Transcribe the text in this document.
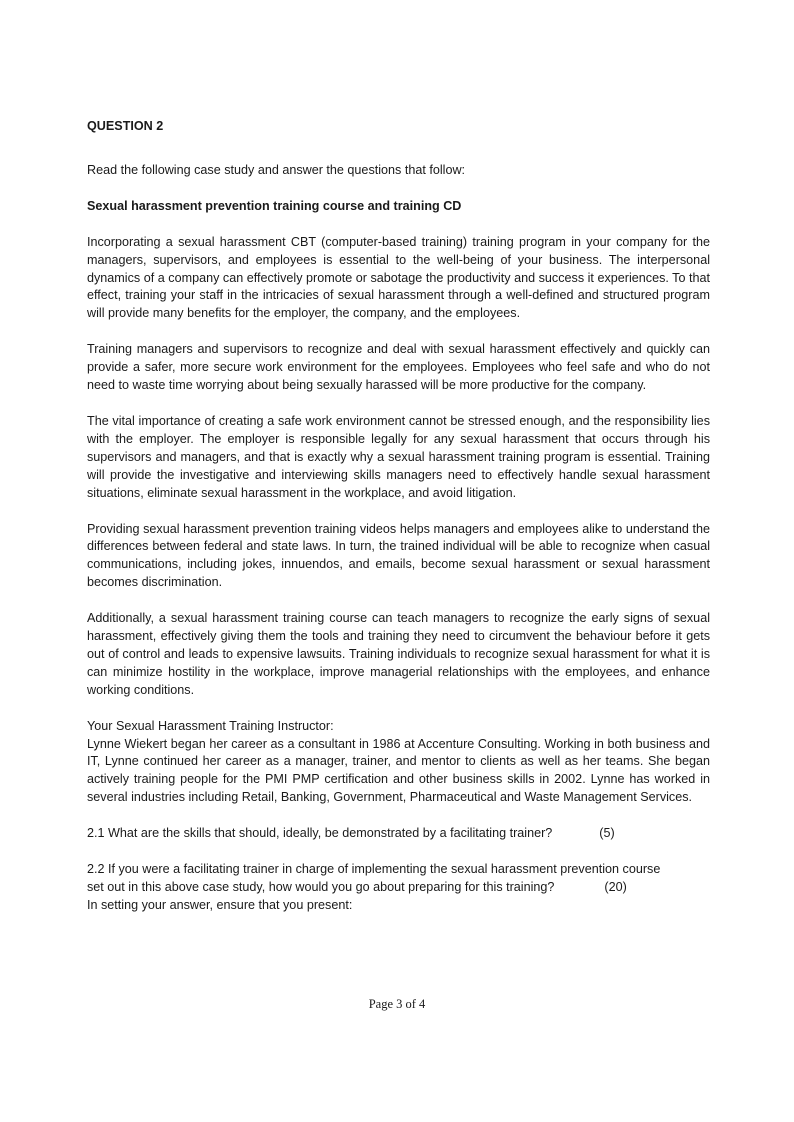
QUESTION 2

Read the following case study and answer the questions that follow:

Sexual harassment prevention training course and training CD

Incorporating a sexual harassment CBT (computer-based training) training program in your company for the managers, supervisors, and employees is essential to the well-being of your business. The interpersonal dynamics of a company can effectively promote or sabotage the productivity and success it experiences. To that effect, training your staff in the intricacies of sexual harassment through a well-defined and structured program will provide many benefits for the employer, the company, and the employees.

Training managers and supervisors to recognize and deal with sexual harassment effectively and quickly can provide a safer, more secure work environment for the employees. Employees who feel safe and who do not need to waste time worrying about being sexually harassed will be more productive for the company.

The vital importance of creating a safe work environment cannot be stressed enough, and the responsibility lies with the employer. The employer is responsible legally for any sexual harassment that occurs through his supervisors and managers, and that is exactly why a sexual harassment training program is essential. Training will provide the investigative and interviewing skills managers need to effectively handle sexual harassment situations, eliminate sexual harassment in the workplace, and avoid litigation.

Providing sexual harassment prevention training videos helps managers and employees alike to understand the differences between federal and state laws. In turn, the trained individual will be able to recognize when casual communications, including jokes, innuendos, and emails, become sexual harassment or sexual harassment becomes discrimination.

Additionally, a sexual harassment training course can teach managers to recognize the early signs of sexual harassment, effectively giving them the tools and training they need to circumvent the behaviour before it gets out of control and leads to expensive lawsuits. Training individuals to recognize sexual harassment for what it is can minimize hostility in the workplace, improve managerial relationships with the employees, and enhance working conditions.

Your Sexual Harassment Training Instructor:
Lynne Wiekert began her career as a consultant in 1986 at Accenture Consulting. Working in both business and IT, Lynne continued her career as a manager, trainer, and mentor to clients as well as her teams. She began actively training people for the PMI PMP certification and other business skills in 2002. Lynne has worked in several industries including Retail, Banking, Government, Pharmaceutical and Waste Management Services.
2.1 What are the skills that should, ideally, be demonstrated by a facilitating trainer?	(5)
2.2 If you were a facilitating trainer in charge of implementing the sexual harassment prevention course
set out in this above case study, how would you go about preparing for this training?	(20)
In setting your answer, ensure that you present:
Page 3 of 4
